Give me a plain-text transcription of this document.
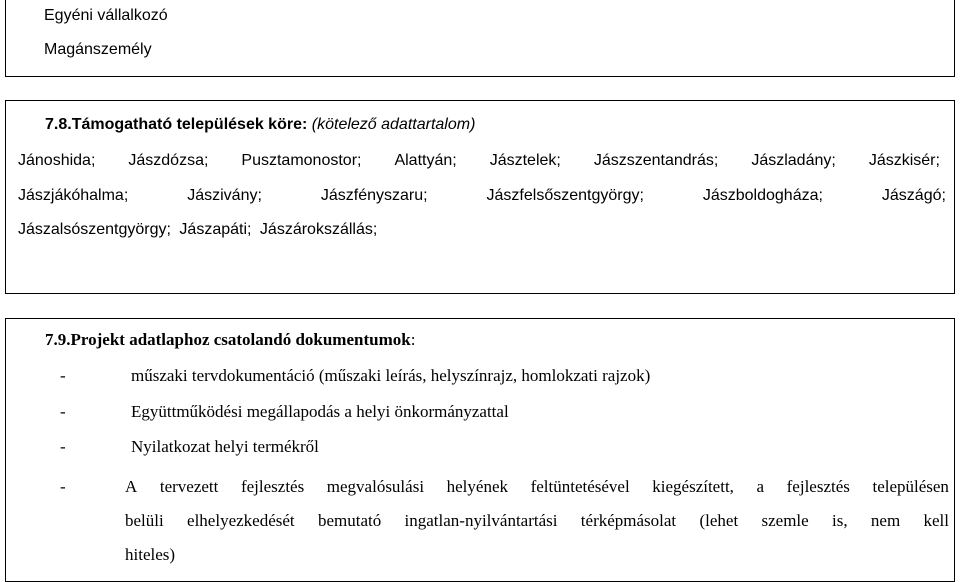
Egyéni vállalkozó
Magánszemély
7.8.Támogatható települések köre: (kötelező adattartalom)
Jánoshida; Jászdózsa; Pusztamonostor; Alattyán; Jásztelek; Jászszentandrás; Jászladány; Jászkisér;
Jászjákóhalma;	Jászivány;	Jászfényszaru;	Jászfelsőszentgyörgy;	Jászboldogháza;	Jászágó;
Jászalsószentgyörgy; Jászapáti; Jászárokszállás;
7.9.Projekt adatlaphoz csatolandó dokumentumok:
-	műszaki tervdokumentáció (műszaki leírás, helyszínrajz, homlokzati rajzok)
-	Együttműködési megállapodás a helyi önkormányzattal
-	Nyilatkozat helyi termékről
-	A tervezett fejlesztés megvalósulási helyének feltüntetésével kiegészített, a fejlesztés településen
belüli elhelyezkedését bemutató ingatlan-nyilvántartási térképmásolat (lehet szemle is, nem kell
hiteles)
